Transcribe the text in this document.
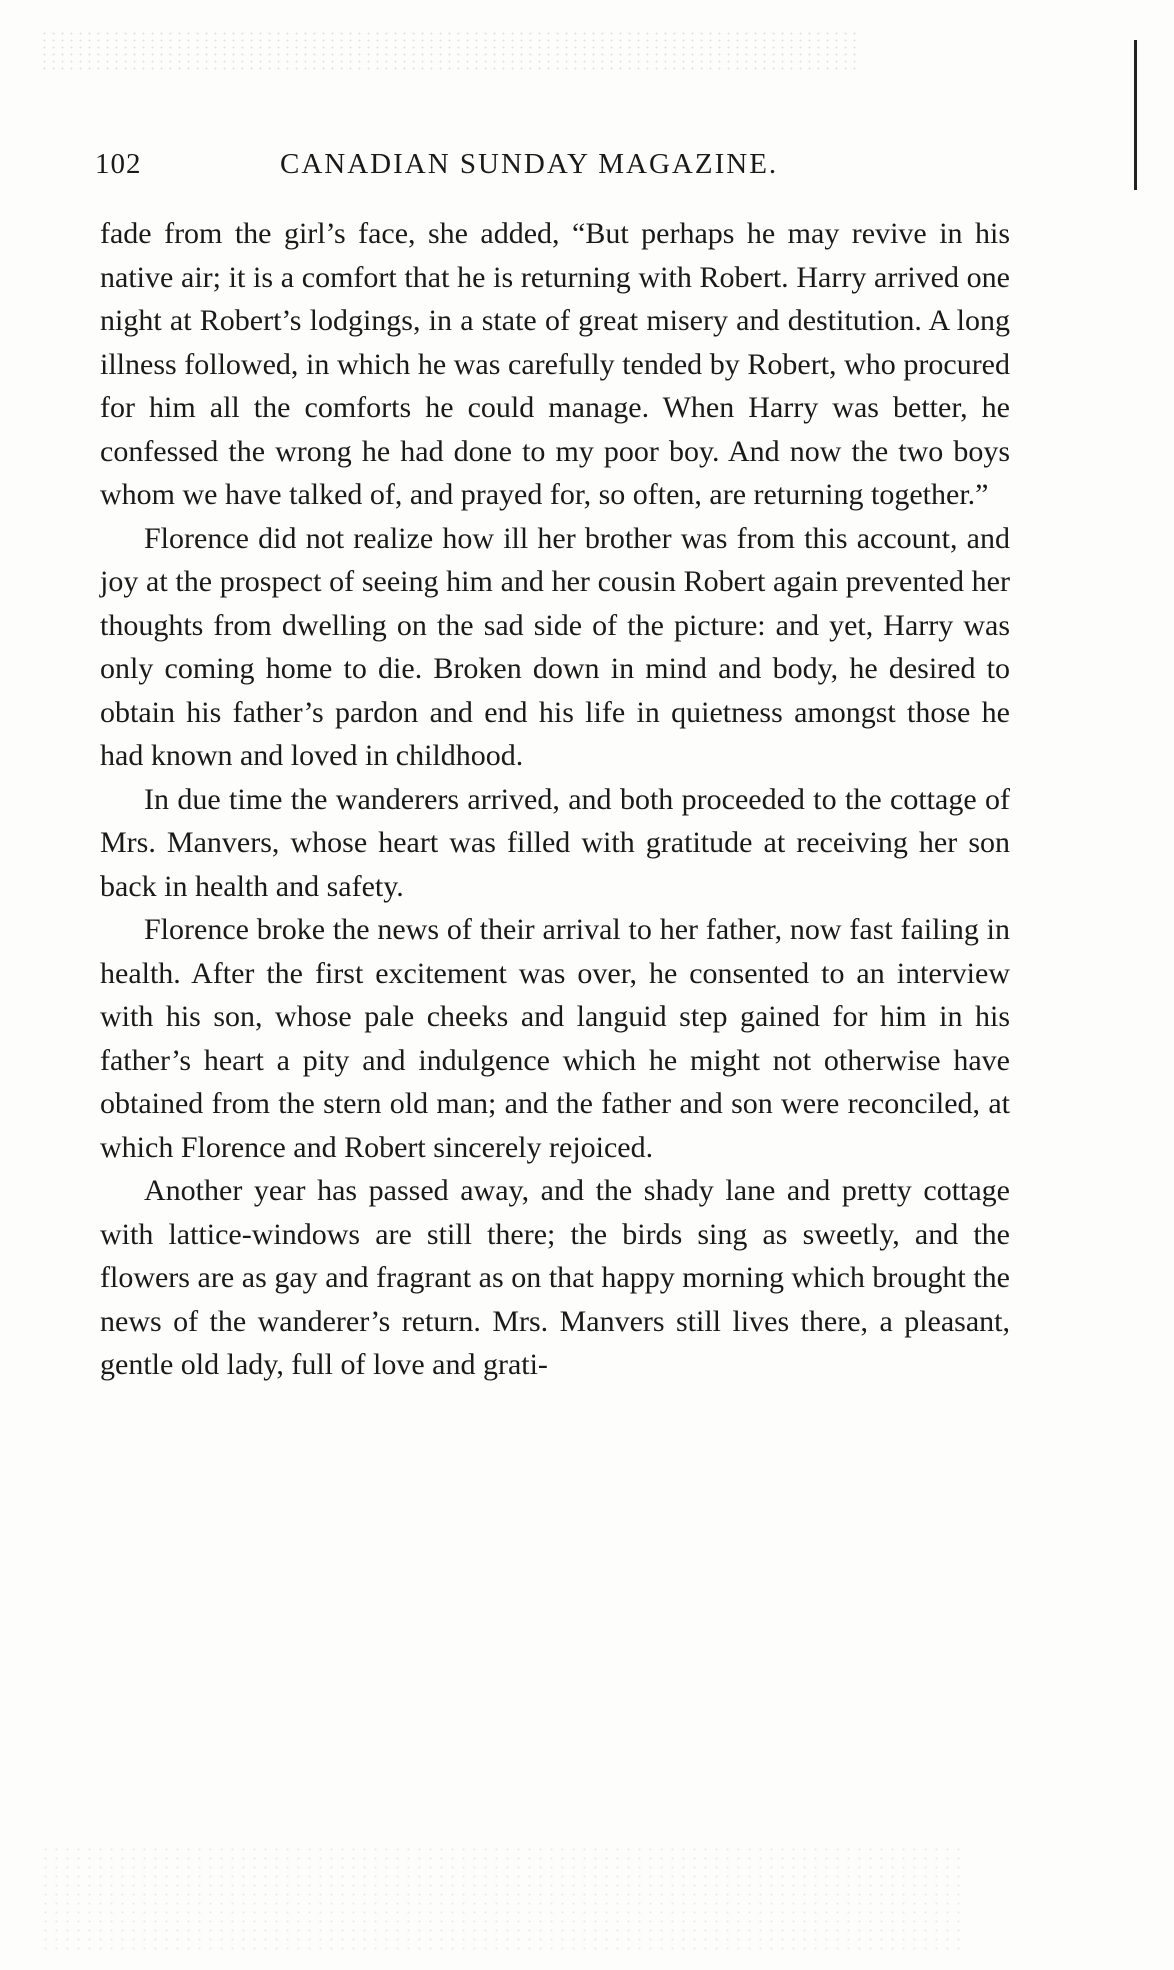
102	CANADIAN SUNDAY MAGAZINE.

fade from the girl’s face, she added, “But perhaps he may revive in his native air; it is a comfort that he is returning with Robert. Harry arrived one night at Robert’s lodgings, in a state of great misery and destitution. A long illness followed, in which he was carefully tended by Robert, who procured for him all the comforts he could manage. When Harry was better, he confessed the wrong he had done to my poor boy. And now the two boys whom we have talked of, and prayed for, so often, are returning together.”

Florence did not realize how ill her brother was from this account, and joy at the prospect of seeing him and her cousin Robert again prevented her thoughts from dwelling on the sad side of the picture: and yet, Harry was only coming home to die. Broken down in mind and body, he desired to obtain his father’s pardon and end his life in quietness amongst those he had known and loved in childhood.

In due time the wanderers arrived, and both proceeded to the cottage of Mrs. Manvers, whose heart was filled with gratitude at receiving her son back in health and safety.

Florence broke the news of their arrival to her father, now fast failing in health. After the first excitement was over, he consented to an interview with his son, whose pale cheeks and languid step gained for him in his father’s heart a pity and indulgence which he might not otherwise have obtained from the stern old man; and the father and son were reconciled, at which Florence and Robert sincerely rejoiced.

Another year has passed away, and the shady lane and pretty cottage with lattice-windows are still there; the birds sing as sweetly, and the flowers are as gay and fragrant as on that happy morning which brought the news of the wanderer’s return. Mrs. Manvers still lives there, a pleasant, gentle old lady, full of love and grati-
